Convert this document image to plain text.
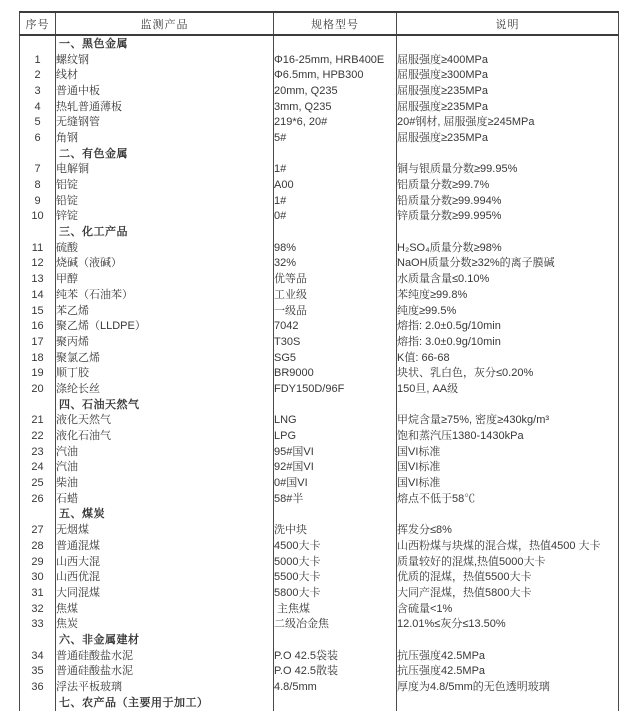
序号	监测产品	规格型号	说明
	一、黑色金属		
1	螺纹钢	Φ16-25mm, HRB400E	屈服强度≥400MPa
2	线材	Φ6.5mm, HPB300	屈服强度≥300MPa
3	普通中板	20mm, Q235	屈服强度≥235MPa
4	热轧普通薄板	3mm, Q235	屈服强度≥235MPa
5	无缝钢管	219*6, 20#	20#钢材, 屈服强度≥245MPa
6	角钢	5#	屈服强度≥235MPa
	二、有色金属		
7	电解铜	1#	铜与银质量分数≥99.95%
8	铝锭	A00	铝质量分数≥99.7%
9	铅锭	1#	铅质量分数≥99.994%
10	锌锭	0#	锌质量分数≥99.995%
	三、化工产品		
11	硫酸	98%	H₂SO₄质量分数≥98%
12	烧碱（液碱）	32%	NaOH质量分数≥32%的离子膜碱
13	甲醇	优等品	水质量含量≤0.10%
14	纯苯（石油苯）	工业级	苯纯度≥99.8%
15	苯乙烯	一级品	纯度≥99.5%
16	聚乙烯（LLDPE）	7042	熔指: 2.0±0.5g/10min
17	聚丙烯	T30S	熔指: 3.0±0.9g/10min
18	聚氯乙烯	SG5	K值: 66-68
19	顺丁胶	BR9000	块状、乳白色，灰分≤0.20%
20	涤纶长丝	FDY150D/96F	150旦, AA级
	四、石油天然气		
21	液化天然气	LNG	甲烷含量≥75%, 密度≥430kg/m³
22	液化石油气	LPG	饱和蒸汽压1380-1430kPa
23	汽油	95#国VI	国VI标准
24	汽油	92#国VI	国VI标准
25	柴油	0#国VI	国VI标准
26	石蜡	58#半	熔点不低于58℃
	五、煤炭		
27	无烟煤	洗中块	挥发分≤8%
28	普通混煤	4500大卡	山西粉煤与块煤的混合煤，热值4500 大卡
29	山西大混	5000大卡	质量较好的混煤,热值5000大卡
30	山西优混	5500大卡	优质的混煤，热值5500大卡
31	大同混煤	5800大卡	大同产混煤，热值5800大卡
32	焦煤	主焦煤	含硫量<1%
33	焦炭	二级冶金焦	12.01%≤灰分≤13.50%
	六、非金属建材		
34	普通硅酸盐水泥	P.O 42.5袋装	抗压强度42.5MPa
35	普通硅酸盐水泥	P.O 42.5散装	抗压强度42.5MPa
36	浮法平板玻璃	4.8/5mm	厚度为4.8/5mm的无色透明玻璃
	七、农产品（主要用于加工）		
